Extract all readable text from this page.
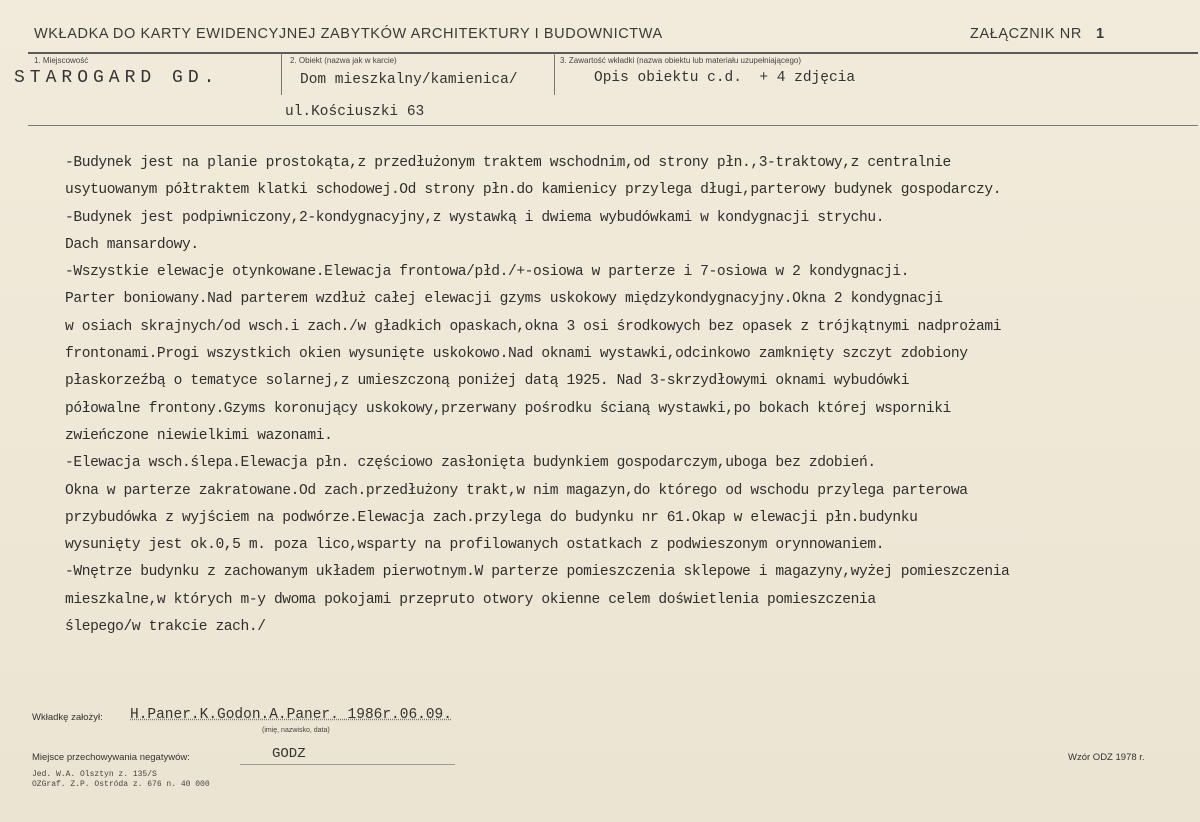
WKŁADKA DO KARTY EWIDENCYJNEJ ZABYTKÓW ARCHITEKTURY I BUDOWNICTWA	ZAŁĄCZNIK NR 1
1. Miejscowość	2. Obiekt (nazwa jak w karcie)	3. Zawartość wkładki (nazwa obiektu lub materiału uzupełniającego)
STAROGARD GD.	Dom mieszkalny/kamienica/
ul.Kościuszki 63
Opis obiektu c.d.  + 4 zdjęcia
-Budynek jest na planie prostokąta,z przedłużonym traktem wschodnim,od strony płn.,3-traktowy,z centralnie
usytuowanym półtraktem klatki schodowej.Od strony płn.do kamienicy przylega długi,parterowy budynek gospodarczy.
-Budynek jest podpiwniczony,2-kondygnacyjny,z wystawką i dwiema wybudówkami w kondygnacji strychu.
Dach mansardowy.
-Wszystkie elewacje otynkowane.Elewacja frontowa/płd./+-osiowa w parterze i 7-osiowa w 2 kondygnacji.
Parter boniowany.Nad parterem wzdłuż całej elewacji gzyms uskokowy międzykondygnacyjny.Okna 2 kondygnacji
w osiach skrajnych/od wsch.i zach./w gładkich opaskach,okna 3 osi środkowych bez opasek z trójkątnymi nadprożami
frontonami.Progi wszystkich okien wysunięte uskokowo.Nad oknami wystawki,odcinkowo zamknięty szczyt zdobiony
płaskorzeźbą o tematyce solarnej,z umieszczoną poniżej datą 1925. Nad 3-skrzydłowymi oknami wybudówki
półowalne frontony.Gzyms koronujący uskokowy,przerwany pośrodku ścianą wystawki,po bokach której wsporniki
zwieńczone niewielkimi wazonami.
-Elewacja wsch.ślepa.Elewacja płn. częściowo zasłonięta budynkiem gospodarczym,uboga bez zdobień.
Okna w parterze zakratowane.Od zach.przedłużony trakt,w nim magazyn,do którego od wschodu przylega parterowa
przybudówka z wyjściem na podwórze.Elewacja zach.przylega do budynku nr 61.Okap w elewacji płn.budynku
wysunięty jest ok.0,5 m. poza lico,wsparty na profilowanych ostatkach z podwieszonym orynnowaniem.
-Wnętrze budynku z zachowanym układem pierwotnym.W parterze pomieszczenia sklepowe i magazyny,wyżej pomieszczenia
mieszkalne,w których m-y dwoma pokojami przepruto otwory okienne celem doświetlenia pomieszczenia
ślepego/w trakcie zach./
Wkładkę założył: H.Paner.K.Godon.A.Paner. 1986r.06.09.
(imię, nazwisko, data)
Miejsce przechowywania negatywów:	GODZ
Jed. W.A. Olsztyn z. 135/S
OZGraf. Z.P. Ostróda z. 676 n. 40 000
Wzór ODZ 1978 r.
